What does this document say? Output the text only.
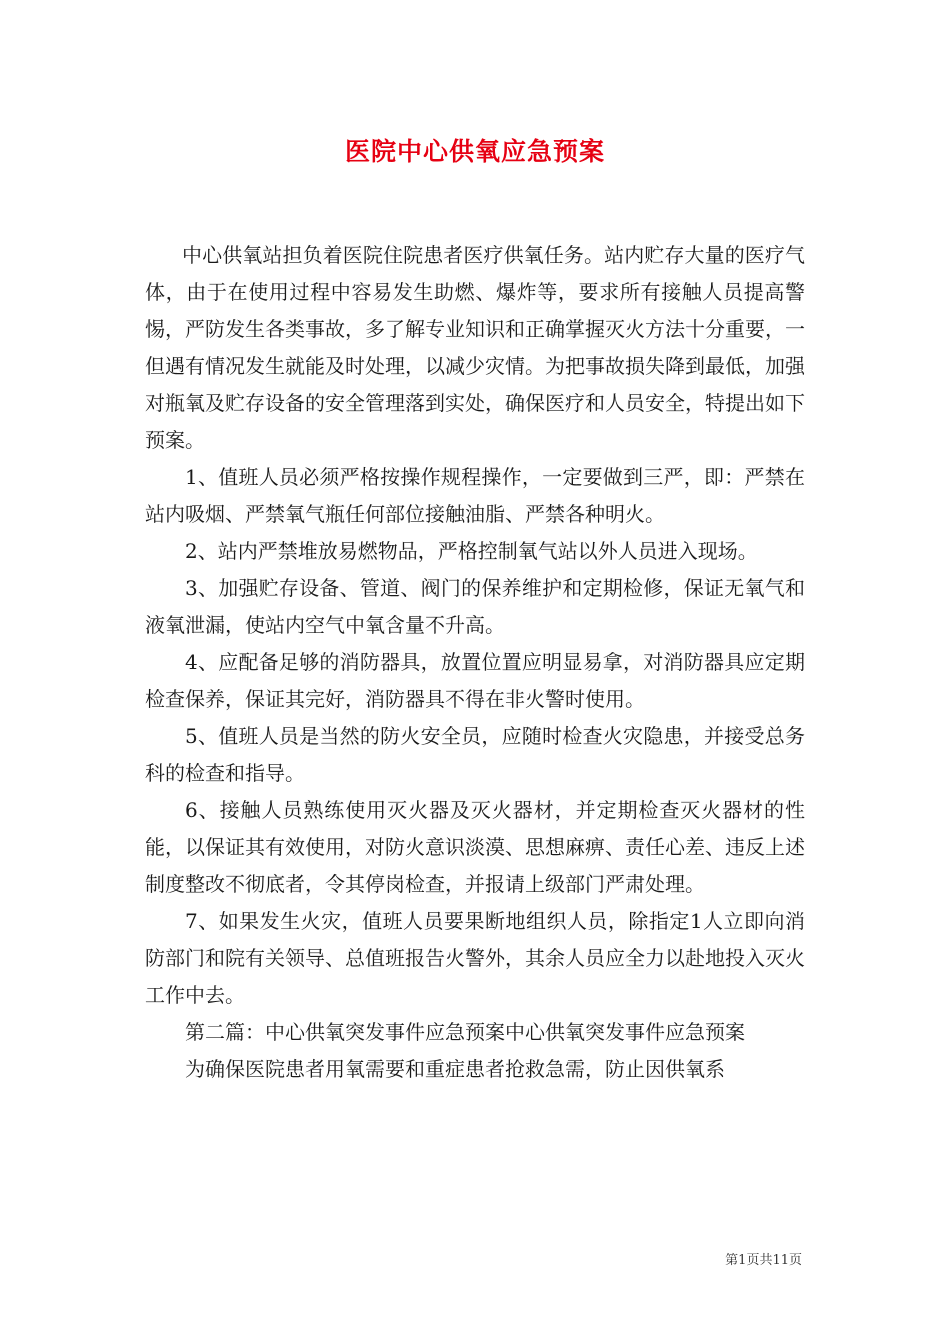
医院中心供氧应急预案

中心供氧站担负着医院住院患者医疗供氧任务。站内贮存大量的医疗气体，由于在使用过程中容易发生助燃、爆炸等，要求所有接触人员提高警惕，严防发生各类事故，多了解专业知识和正确掌握灭火方法十分重要，一但遇有情况发生就能及时处理，以减少灾情。为把事故损失降到最低，加强对瓶氧及贮存设备的安全管理落到实处，确保医疗和人员安全，特提出如下预案。

1、值班人员必须严格按操作规程操作，一定要做到三严，即：严禁在站内吸烟、严禁氧气瓶任何部位接触油脂、严禁各种明火。

2、站内严禁堆放易燃物品，严格控制氧气站以外人员进入现场。

3、加强贮存设备、管道、阀门的保养维护和定期检修，保证无氧气和液氧泄漏，使站内空气中氧含量不升高。

4、应配备足够的消防器具，放置位置应明显易拿，对消防器具应定期检查保养，保证其完好，消防器具不得在非火警时使用。

5、值班人员是当然的防火安全员，应随时检查火灾隐患，并接受总务科的检查和指导。

6、接触人员熟练使用灭火器及灭火器材，并定期检查灭火器材的性能，以保证其有效使用，对防火意识淡漠、思想麻痹、责任心差、违反上述制度整改不彻底者，令其停岗检查，并报请上级部门严肃处理。

7、如果发生火灾，值班人员要果断地组织人员，除指定1人立即向消防部门和院有关领导、总值班报告火警外，其余人员应全力以赴地投入灭火工作中去。

第二篇：中心供氧突发事件应急预案中心供氧突发事件应急预案

为确保医院患者用氧需要和重症患者抢救急需，防止因供氧系

第1页共11页
